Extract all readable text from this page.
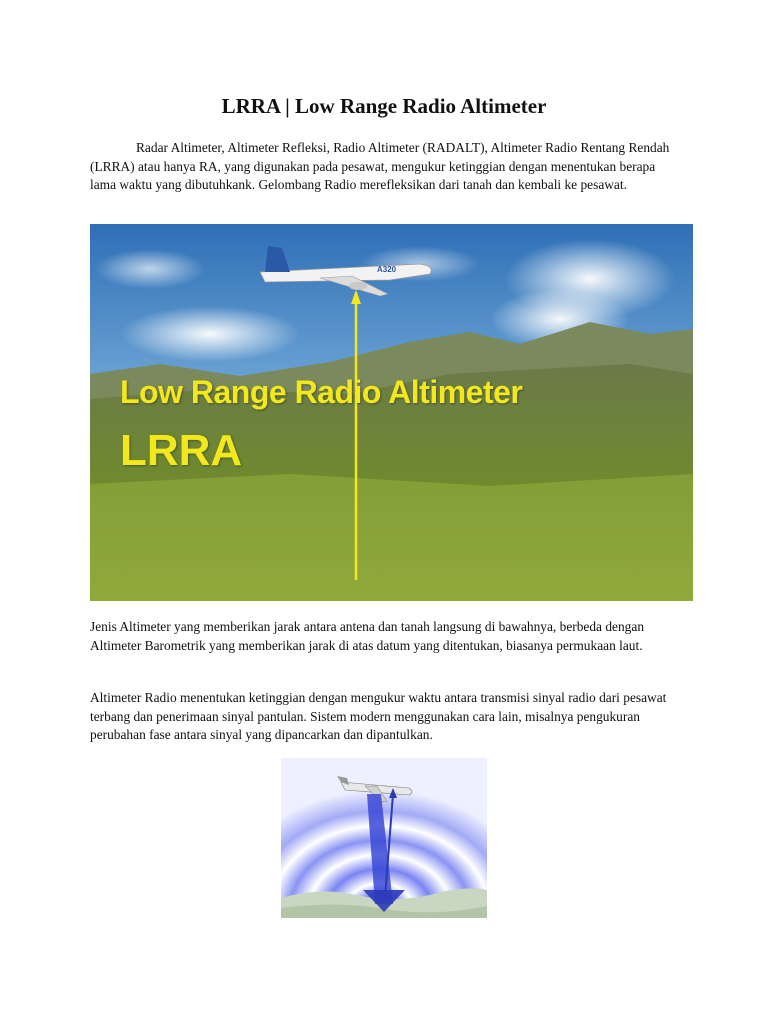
LRRA | Low Range Radio Altimeter

Radar Altimeter, Altimeter Refleksi, Radio Altimeter (RADALT), Altimeter Radio Rentang Rendah (LRRA) atau hanya RA, yang digunakan pada pesawat, mengukur ketinggian dengan menentukan berapa lama waktu yang dibutuhkank. Gelombang Radio merefleksikan dari tanah dan kembali ke pesawat.

A320
Low Range Radio Altimeter
LRRA

Jenis Altimeter yang memberikan jarak antara antena dan tanah langsung di bawahnya, berbeda dengan Altimeter Barometrik yang memberikan jarak di atas datum yang ditentukan, biasanya permukaan laut.

Altimeter Radio menentukan ketinggian dengan mengukur waktu antara transmisi sinyal radio dari pesawat terbang dan penerimaan sinyal pantulan. Sistem modern menggunakan cara lain, misalnya pengukuran perubahan fase antara sinyal yang dipancarkan dan dipantulkan.
